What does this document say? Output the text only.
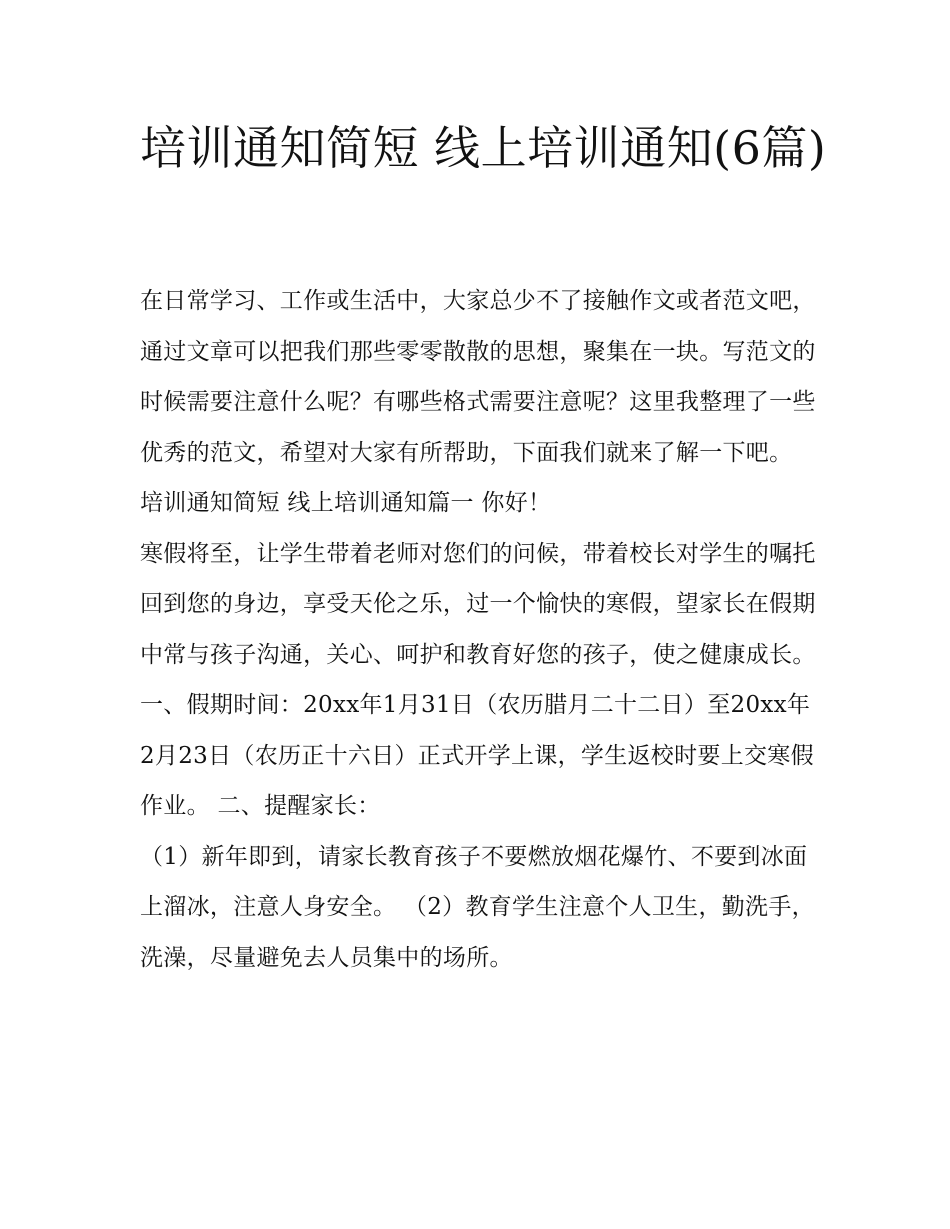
培训通知简短 线上培训通知(6篇)

在日常学习、工作或生活中，大家总少不了接触作文或者范文吧，通过文章可以把我们那些零零散散的思想，聚集在一块。写范文的时候需要注意什么呢？有哪些格式需要注意呢？这里我整理了一些优秀的范文，希望对大家有所帮助，下面我们就来了解一下吧。

培训通知简短 线上培训通知篇一 你好！

寒假将至，让学生带着老师对您们的问候，带着校长对学生的嘱托回到您的身边，享受天伦之乐，过一个愉快的寒假，望家长在假期中常与孩子沟通，关心、呵护和教育好您的孩子，使之健康成长。

一、假期时间：20xx年1月31日（农历腊月二十二日）至20xx年2月23日（农历正十六日）正式开学上课，学生返校时要上交寒假作业。 二、提醒家长：

（1）新年即到，请家长教育孩子不要燃放烟花爆竹、不要到冰面上溜冰，注意人身安全。 （2）教育学生注意个人卫生，勤洗手，洗澡，尽量避免去人员集中的场所。
